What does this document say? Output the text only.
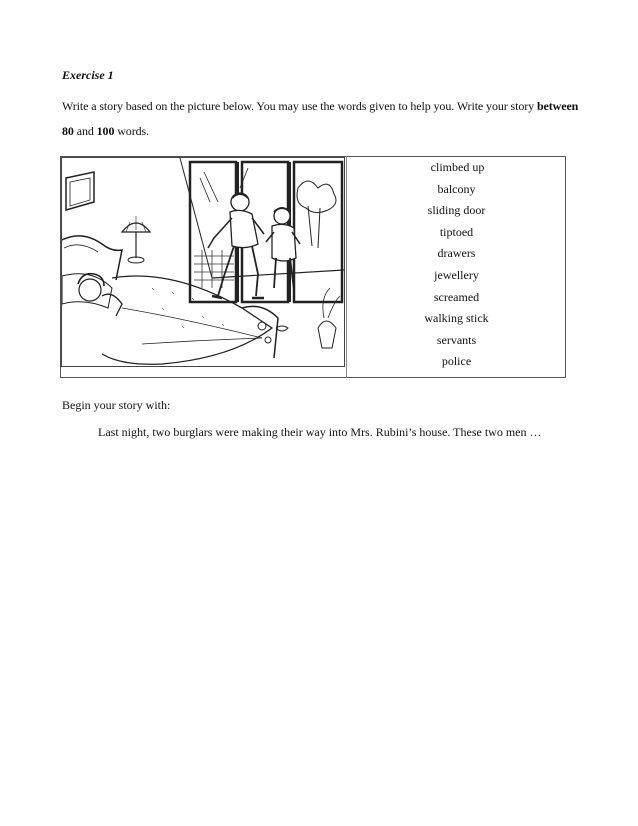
Exercise 1
Write a story based on the picture below. You may use the words given to help you. Write your story between 80 and 100 words.
climbed up
balcony
sliding door
tiptoed
drawers
jewellery
screamed
walking stick
servants
police
Begin your story with:
Last night, two burglars were making their way into Mrs. Rubini’s house. These two men …
